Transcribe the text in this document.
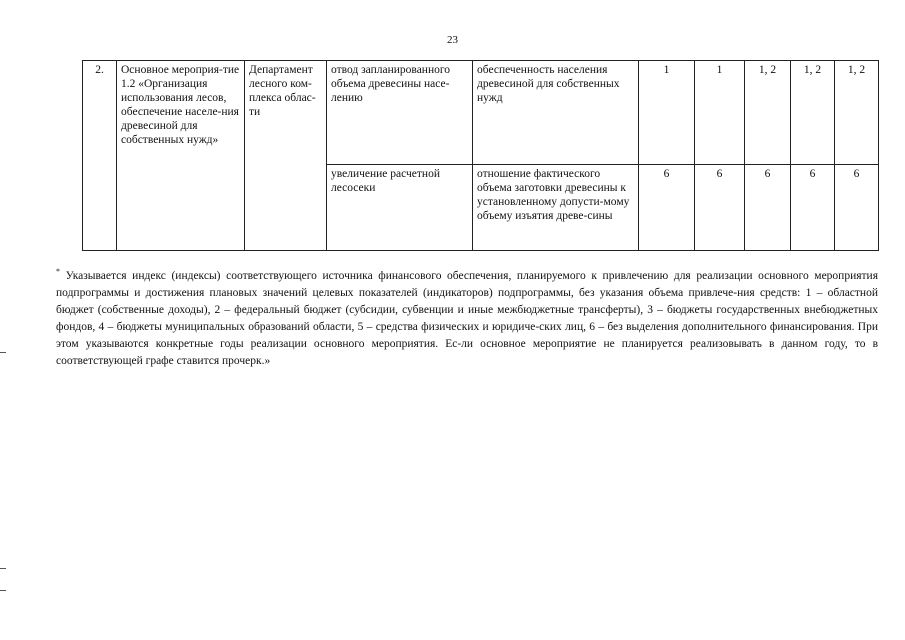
23
2.	Основное мероприя-тие 1.2 «Организация использования лесов, обеспечение населе-ния древесиной для собственных нужд»	Департамент лесного ком-плекса облас-ти	отвод запланированного объема древесины насе-лению	обеспеченность населения древесиной для собственных нужд	1	1	1, 2	1, 2	1, 2
			увеличение расчетной лесосеки	отношение фактического объема заготовки древесины к установленному допусти-мому объему изъятия древе-сины	6	6	6	6	6
* Указывается индекс (индексы) соответствующего источника финансового обеспечения, планируемого к привлечению для реализации основного мероприятия подпрограммы и достижения плановых значений целевых показателей (индикаторов) подпрограммы, без указания объема привлече-ния средств: 1 – областной бюджет (собственные доходы), 2 – федеральный бюджет (субсидии, субвенции и иные межбюджетные трансферты), 3 – бюджеты государственных внебюджетных фондов, 4 – бюджеты муниципальных образований области, 5 – средства физических и юридиче-ских лиц, 6 – без выделения дополнительного финансирования. При этом указываются конкретные годы реализации основного мероприятия. Ес-ли основное мероприятие не планируется реализовывать в данном году, то в соответствующей графе ставится прочерк.»
